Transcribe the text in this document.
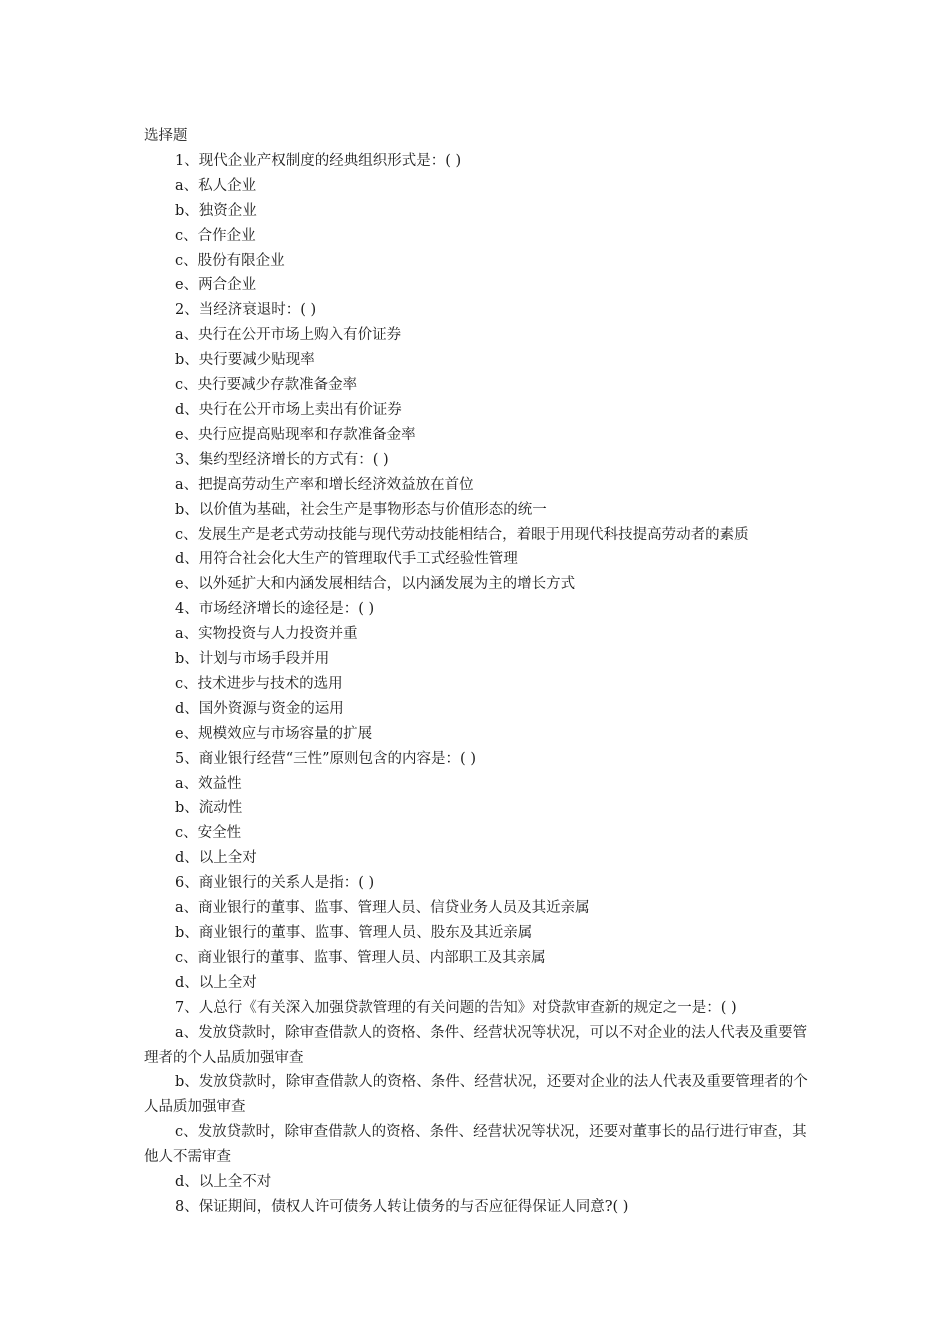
选择题

1、现代企业产权制度的经典组织形式是：( )

a、私人企业

b、独资企业

c、合作企业

c、股份有限企业

e、两合企业

2、当经济衰退时：( )

a、央行在公开市场上购入有价证券

b、央行要减少贴现率

c、央行要减少存款准备金率

d、央行在公开市场上卖出有价证券

e、央行应提高贴现率和存款准备金率

3、集约型经济增长的方式有：( )

a、把提高劳动生产率和增长经济效益放在首位

b、以价值为基础，社会生产是事物形态与价值形态的统一

c、发展生产是老式劳动技能与现代劳动技能相结合，着眼于用现代科技提高劳动者的素质

d、用符合社会化大生产的管理取代手工式经验性管理

e、以外延扩大和内涵发展相结合，以内涵发展为主的增长方式

4、市场经济增长的途径是：( )

a、实物投资与人力投资并重

b、计划与市场手段并用

c、技术进步与技术的选用

d、国外资源与资金的运用

e、规模效应与市场容量的扩展

5、商业银行经营“三性”原则包含的内容是：( )

a、效益性

b、流动性

c、安全性

d、以上全对

6、商业银行的关系人是指：( )

a、商业银行的董事、监事、管理人员、信贷业务人员及其近亲属

b、商业银行的董事、监事、管理人员、股东及其近亲属

c、商业银行的董事、监事、管理人员、内部职工及其亲属

d、以上全对

7、人总行《有关深入加强贷款管理的有关问题的告知》对贷款审查新的规定之一是：( )

a、发放贷款时，除审查借款人的资格、条件、经营状况等状况，可以不对企业的法人代表及重要管理者的个人品质加强审查

b、发放贷款时，除审查借款人的资格、条件、经营状况，还要对企业的法人代表及重要管理者的个人品质加强审查

c、发放贷款时，除审查借款人的资格、条件、经营状况等状况，还要对董事长的品行进行审查，其他人不需审查

d、以上全不对

8、保证期间，债权人许可债务人转让债务的与否应征得保证人同意?( )
